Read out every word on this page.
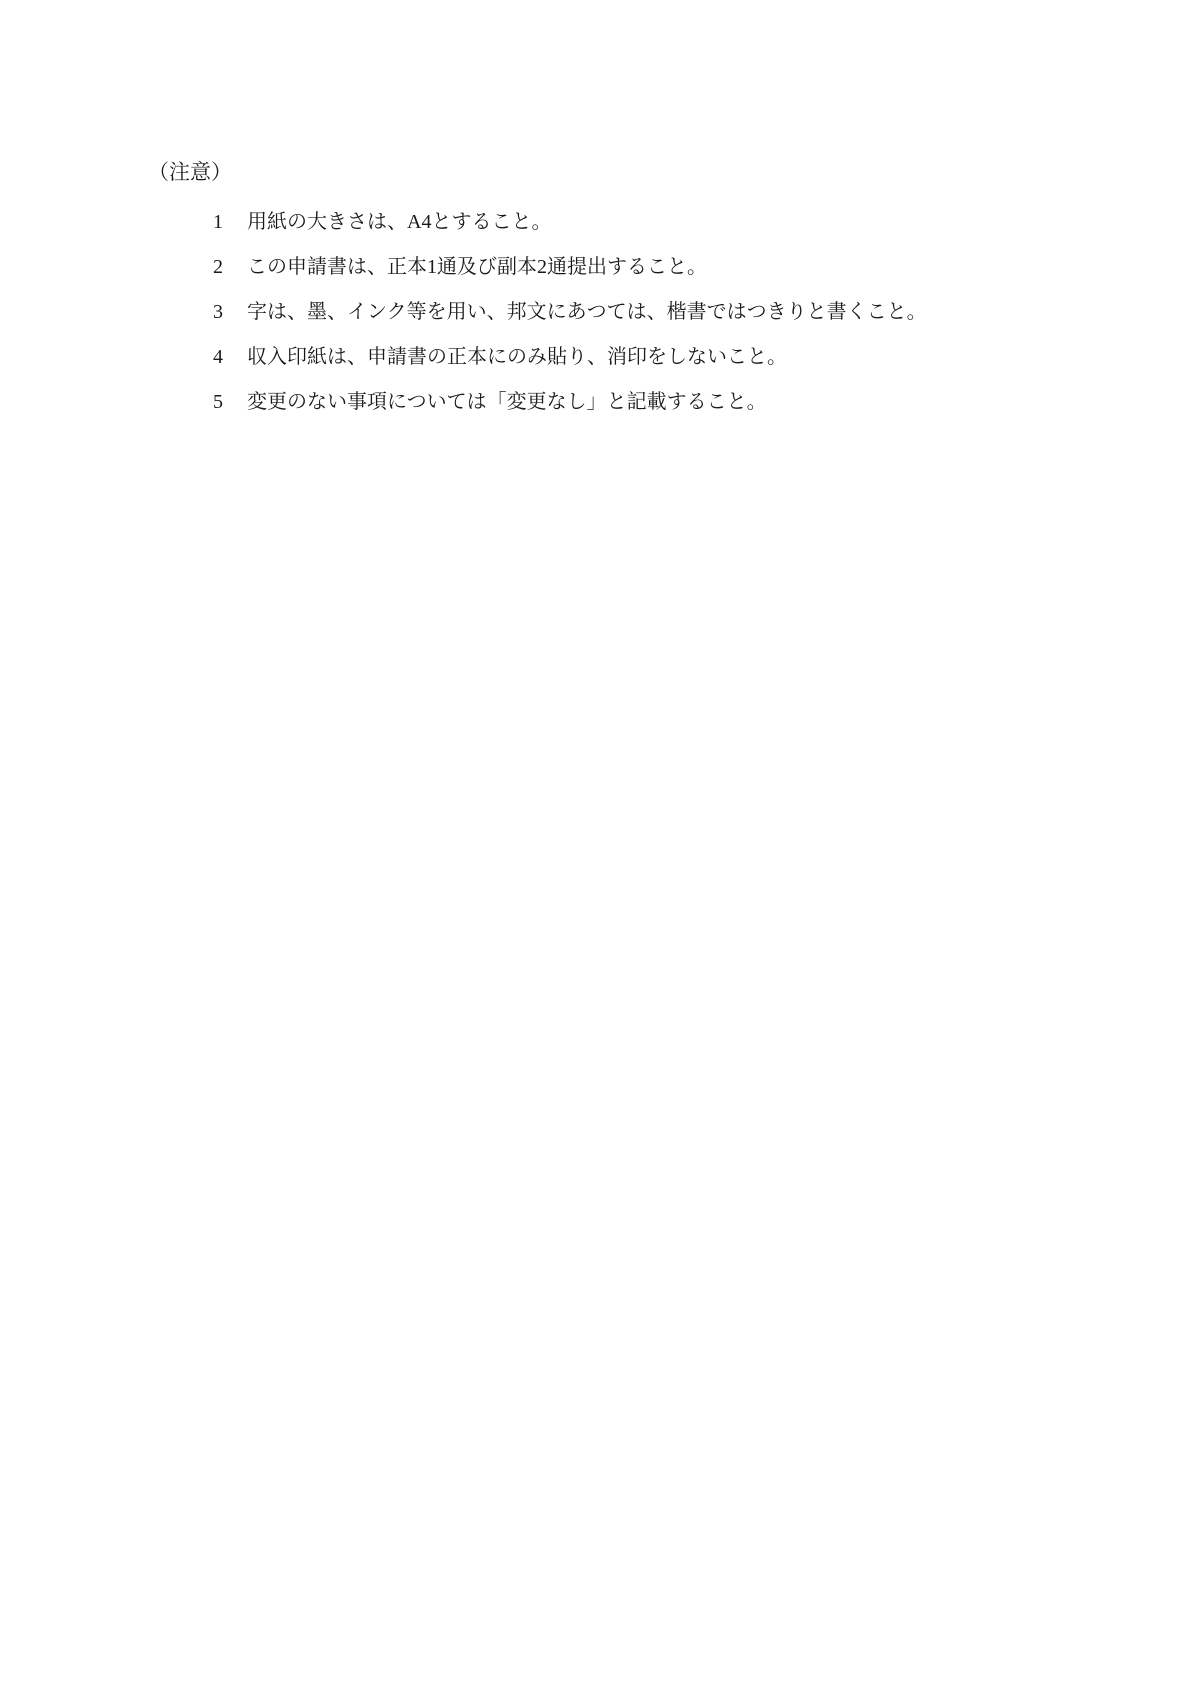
（注意）
1	用紙の大きさは、A4とすること。
2	この申請書は、正本1通及び副本2通提出すること。
3	字は、墨、インク等を用い、邦文にあつては、楷書ではつきりと書くこと。
4	収入印紙は、申請書の正本にのみ貼り、消印をしないこと。
5	変更のない事項については「変更なし」と記載すること。
